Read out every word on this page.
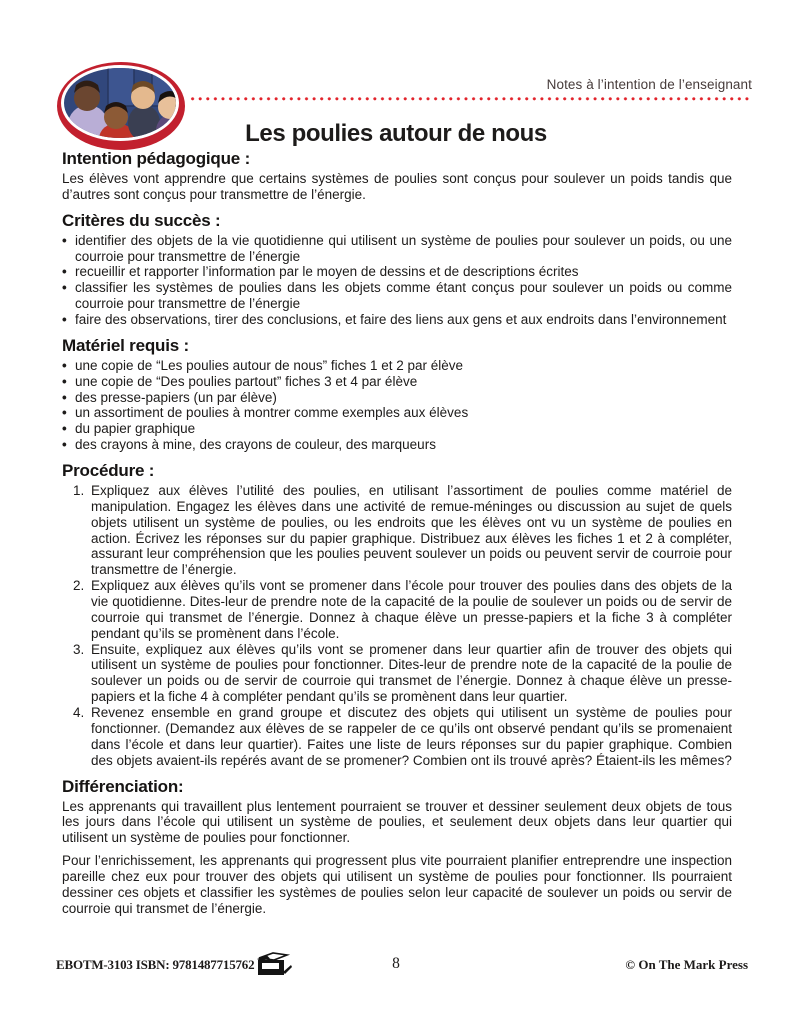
Notes à l’intention de l’enseignant
Les poulies autour de nous
Intention pédagogique :

Les élèves vont apprendre que certains systèmes de poulies sont conçus pour soulever un poids tandis que d’autres sont conçus pour transmettre de l’énergie.

Critères du succès :
• identifier des objets de la vie quotidienne qui utilisent un système de poulies pour soulever un poids, ou une courroie pour transmettre de l’énergie
• recueillir et rapporter l’information par le moyen de dessins et de descriptions écrites
• classifier les systèmes de poulies dans les objets comme étant conçus pour soulever un poids ou comme courroie pour transmettre de l’énergie
• faire des observations, tirer des conclusions, et faire des liens aux gens et aux endroits dans l’environnement
Matériel requis :
• une copie de “Les poulies autour de nous” fiches 1 et 2 par élève
• une copie de “Des poulies partout” fiches 3 et 4 par élève
• des presse-papiers (un par élève)
• un assortiment de poulies à montrer comme exemples aux élèves
• du papier graphique
• des crayons à mine, des crayons de couleur, des marqueurs
Procédure :
1. Expliquez aux élèves l’utilité des poulies, en utilisant l’assortiment de poulies comme matériel de manipulation. Engagez les élèves dans une activité de remue-méninges ou discussion au sujet de quels objets utilisent un système de poulies, ou les endroits que les élèves ont vu un système de poulies en action. Écrivez les réponses sur du papier graphique. Distribuez aux élèves les fiches 1 et 2 à compléter, assurant leur compréhension que les poulies peuvent soulever un poids ou peuvent servir de courroie pour transmettre de l’énergie.
2. Expliquez aux élèves qu’ils vont se promener dans l’école pour trouver des poulies dans des objets de la vie quotidienne. Dites-leur de prendre note de la capacité de la poulie de soulever un poids ou de servir de courroie qui transmet de l’énergie. Donnez à chaque élève un presse-papiers et la fiche 3 à compléter pendant qu’ils se promènent dans l’école.
3. Ensuite, expliquez aux élèves qu’ils vont se promener dans leur quartier afin de trouver des objets qui utilisent un système de poulies pour fonctionner. Dites-leur de prendre note de la capacité de la poulie de soulever un poids ou de servir de courroie qui transmet de l’énergie. Donnez à chaque élève un presse-papiers et la fiche 4 à compléter pendant qu’ils se promènent dans leur quartier.
4. Revenez ensemble en grand groupe et discutez des objets qui utilisent un système de poulies pour fonctionner. (Demandez aux élèves de se rappeler de ce qu’ils ont observé pendant qu’ils se promenaient dans l’école et dans leur quartier). Faites une liste de leurs réponses sur du papier graphique. Combien des objets avaient-ils repérés avant de se promener? Combien ont ils trouvé après? Étaient-ils les mêmes?
Différenciation:

Les apprenants qui travaillent plus lentement pourraient se trouver et dessiner seulement deux objets de tous les jours dans l’école qui utilisent un système de poulies, et seulement deux objets dans leur quartier qui utilisent un système de poulies pour fonctionner.

Pour l’enrichissement, les apprenants qui progressent plus vite pourraient planifier entreprendre une inspection pareille chez eux pour trouver des objets qui utilisent un système de poulies pour fonctionner. Ils pourraient dessiner ces objets et classifier les systèmes de poulies selon leur capacité de soulever un poids ou servir de courroie qui transmet de l’énergie.

EBOTM-3103 ISBN: 9781487715762	8	© On The Mark Press
